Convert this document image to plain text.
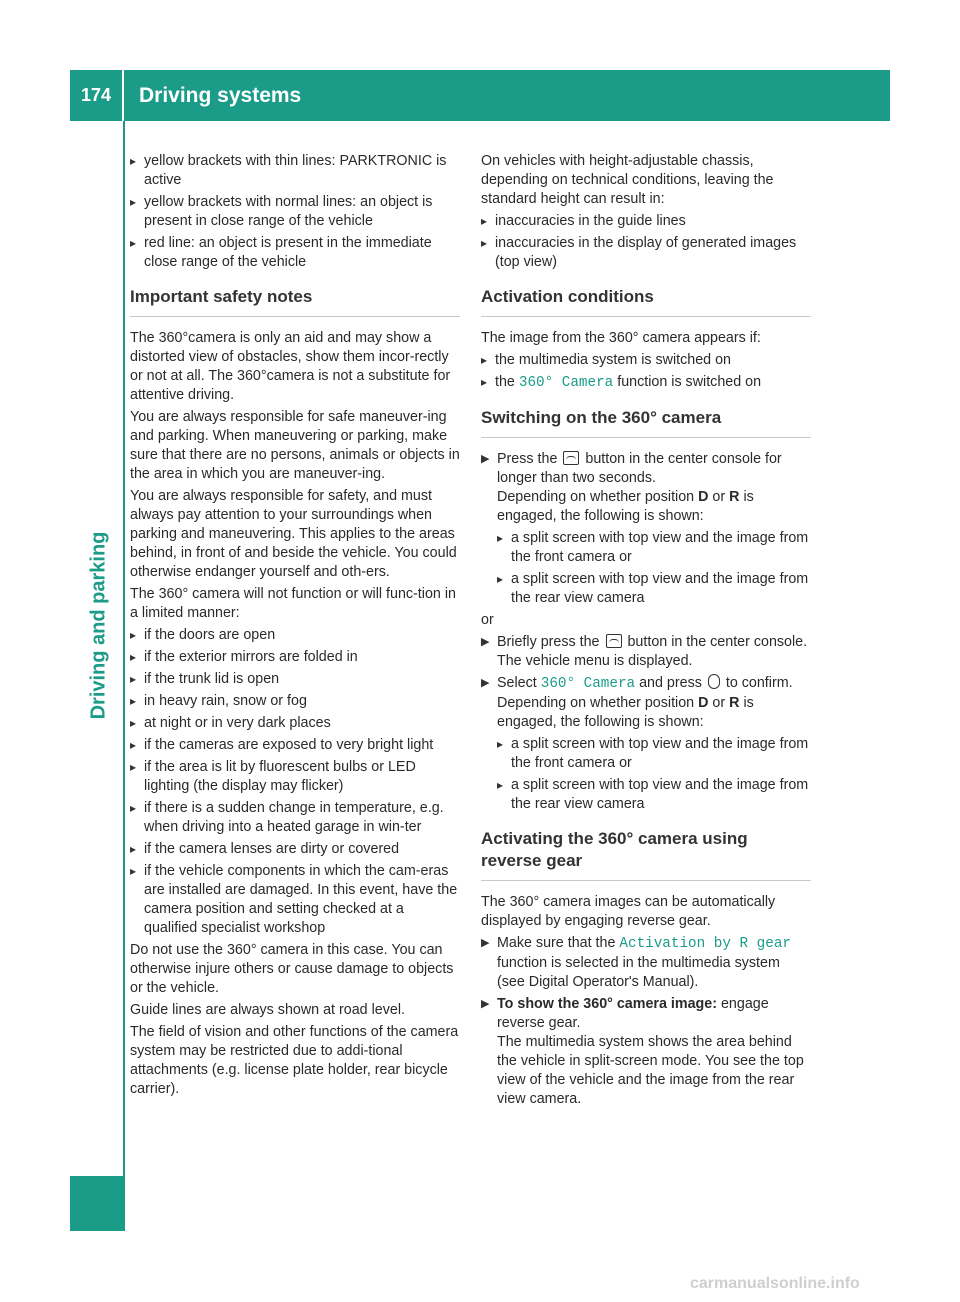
174	Driving systems
Driving and parking
▸ yellow brackets with thin lines: PARKTRONIC is active
▸ yellow brackets with normal lines: an object is present in close range of the vehicle
▸ red line: an object is present in the immediate close range of the vehicle
Important safety notes

The 360°camera is only an aid and may show a distorted view of obstacles, show them incor-rectly or not at all. The 360°camera is not a substitute for attentive driving.

You are always responsible for safe maneuver-ing and parking. When maneuvering or parking, make sure that there are no persons, animals or objects in the area in which you are maneuver-ing.

You are always responsible for safety, and must always pay attention to your surroundings when parking and maneuvering. This applies to the areas behind, in front of and beside the vehicle. You could otherwise endanger yourself and oth-ers.

The 360° camera will not function or will func-tion in a limited manner:

▸ if the doors are open
▸ if the exterior mirrors are folded in
▸ if the trunk lid is open
▸ in heavy rain, snow or fog
▸ at night or in very dark places
▸ if the cameras are exposed to very bright light
▸ if the area is lit by fluorescent bulbs or LED lighting (the display may flicker)
▸ if there is a sudden change in temperature, e.g. when driving into a heated garage in win-ter
▸ if the camera lenses are dirty or covered
▸ if the vehicle components in which the cam-eras are installed are damaged. In this event, have the camera position and setting checked at a qualified specialist workshop

Do not use the 360° camera in this case. You can otherwise injure others or cause damage to objects or the vehicle.

Guide lines are always shown at road level.

The field of vision and other functions of the camera system may be restricted due to addi-tional attachments (e.g. license plate holder, rear bicycle carrier).

On vehicles with height-adjustable chassis, depending on technical conditions, leaving the standard height can result in:

▸ inaccuracies in the guide lines
▸ inaccuracies in the display of generated images (top view)
Activation conditions

The image from the 360° camera appears if:

▸ the multimedia system is switched on
▸ the 360° Camera function is switched on
Switching on the 360° camera
▶ Press the button in the center console for longer than two seconds.
Depending on whether position D or R is engaged, the following is shown:
▸ a split screen with top view and the image from the front camera or
▸ a split screen with top view and the image from the rear view camera

or

▶ Briefly press the button in the center console.
The vehicle menu is displayed.
▶ Select 360° Camera and press to confirm.
Depending on whether position D or R is engaged, the following is shown:
▸ a split screen with top view and the image from the front camera or
▸ a split screen with top view and the image from the rear view camera
Activating the 360° camera using reverse gear

The 360° camera images can be automatically displayed by engaging reverse gear.

▶ Make sure that the Activation by R gear function is selected in the multimedia system (see Digital Operator's Manual).
▶ To show the 360° camera image: engage reverse gear.
The multimedia system shows the area behind the vehicle in split-screen mode. You see the top view of the vehicle and the image from the rear view camera.
carmanualsonline.info
